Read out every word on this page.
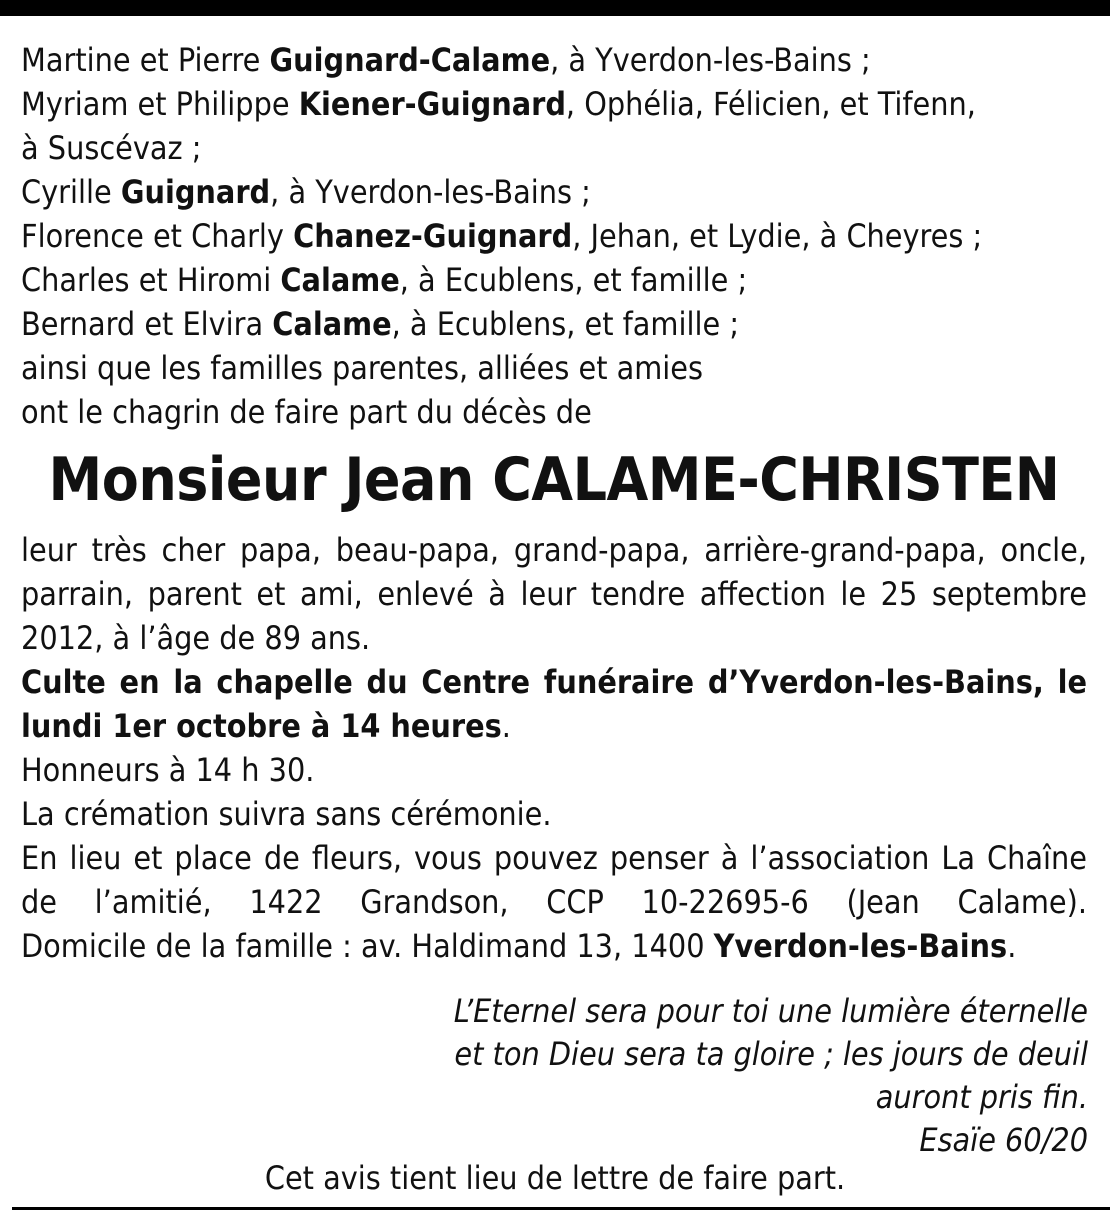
Martine et Pierre Guignard-Calame, à Yverdon-les-Bains ;
Myriam et Philippe Kiener-Guignard, Ophélia, Félicien, et Tifenn,
à Suscévaz ;
Cyrille Guignard, à Yverdon-les-Bains ;
Florence et Charly Chanez-Guignard, Jehan, et Lydie, à Cheyres ;
Charles et Hiromi Calame, à Ecublens, et famille ;
Bernard et Elvira Calame, à Ecublens, et famille ;
ainsi que les familles parentes, alliées et amies
ont le chagrin de faire part du décès de
Monsieur Jean CALAME-CHRISTEN
leur très cher papa, beau-papa, grand-papa, arrière-grand-papa, oncle,
parrain, parent et ami, enlevé à leur tendre affection le 25 septembre
2012, à l’âge de 89 ans.
Culte en la chapelle du Centre funéraire d’Yverdon-les-Bains, le
lundi 1er octobre à 14 heures.
Honneurs à 14 h 30.
La crémation suivra sans cérémonie.
En lieu et place de fleurs, vous pouvez penser à l’association La Chaîne
de l’amitié, 1422 Grandson, CCP 10-22695-6 (Jean Calame).
Domicile de la famille : av. Haldimand 13, 1400 Yverdon-les-Bains.
L’Eternel sera pour toi une lumière éternelle
et ton Dieu sera ta gloire ; les jours de deuil
auront pris fin.
Esaïe 60/20
Cet avis tient lieu de lettre de faire part.
